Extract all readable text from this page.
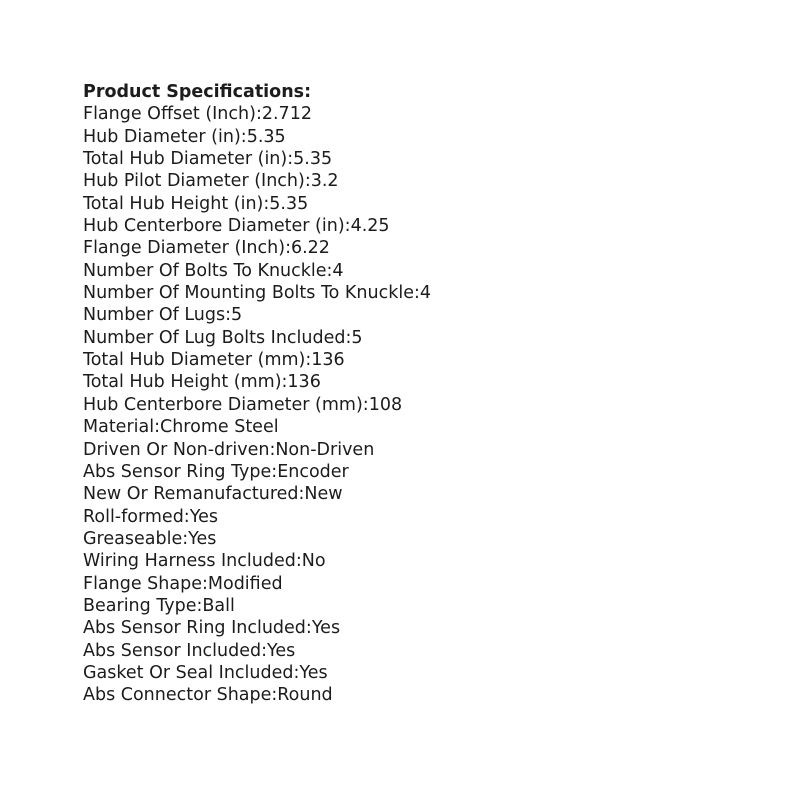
Product Specifications:
Flange Offset (Inch):2.712
Hub Diameter (in):5.35
Total Hub Diameter (in):5.35
Hub Pilot Diameter (Inch):3.2
Total Hub Height (in):5.35
Hub Centerbore Diameter (in):4.25
Flange Diameter (Inch):6.22
Number Of Bolts To Knuckle:4
Number Of Mounting Bolts To Knuckle:4
Number Of Lugs:5
Number Of Lug Bolts Included:5
Total Hub Diameter (mm):136
Total Hub Height (mm):136
Hub Centerbore Diameter (mm):108
Material:Chrome Steel
Driven Or Non-driven:Non-Driven
Abs Sensor Ring Type:Encoder
New Or Remanufactured:New
Roll-formed:Yes
Greaseable:Yes
Wiring Harness Included:No
Flange Shape:Modified
Bearing Type:Ball
Abs Sensor Ring Included:Yes
Abs Sensor Included:Yes
Gasket Or Seal Included:Yes
Abs Connector Shape:Round
